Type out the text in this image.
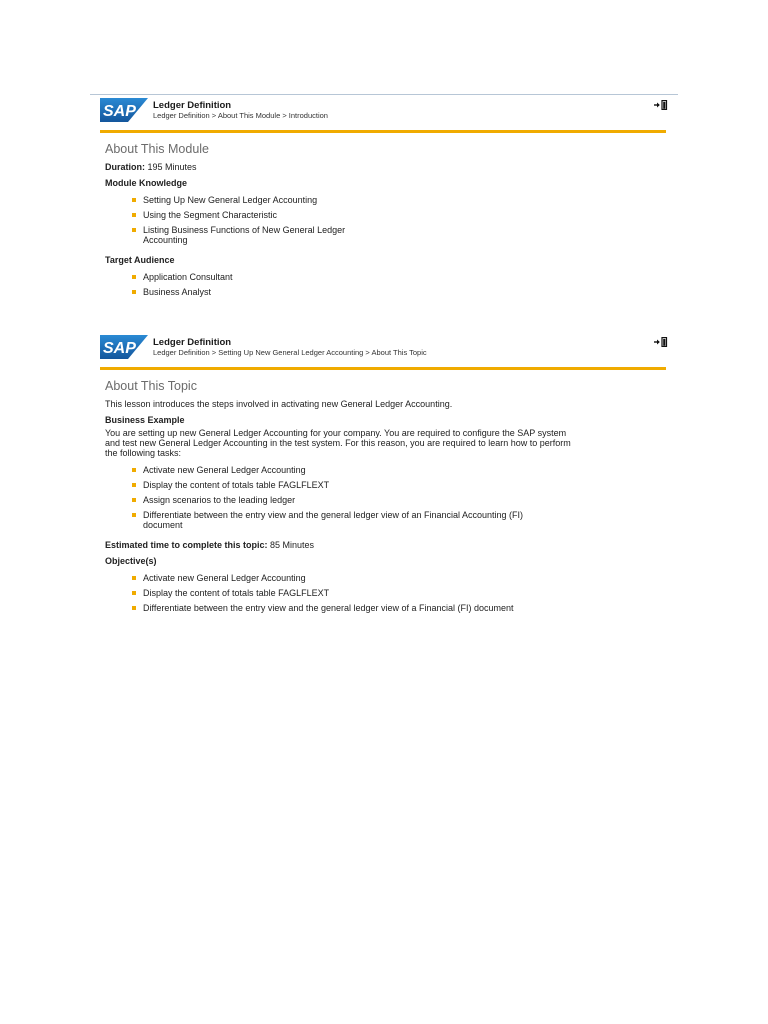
SAP Ledger Definition
Ledger Definition > About This Module > Introduction
About This Module
Duration: 195 Minutes
Module Knowledge
Setting Up New General Ledger Accounting
Using the Segment Characteristic
Listing Business Functions of New General Ledger Accounting
Target Audience
Application Consultant
Business Analyst
SAP Ledger Definition
Ledger Definition > Setting Up New General Ledger Accounting > About This Topic
About This Topic
This lesson introduces the steps involved in activating new General Ledger Accounting.
Business Example
You are setting up new General Ledger Accounting for your company. You are required to configure the SAP system and test new General Ledger Accounting in the test system. For this reason, you are required to learn how to perform the following tasks:
Activate new General Ledger Accounting
Display the content of totals table FAGLFLEXT
Assign scenarios to the leading ledger
Differentiate between the entry view and the general ledger view of an Financial Accounting (FI) document
Estimated time to complete this topic: 85 Minutes
Objective(s)
Activate new General Ledger Accounting
Display the content of totals table FAGLFLEXT
Differentiate between the entry view and the general ledger view of a Financial (FI) document
